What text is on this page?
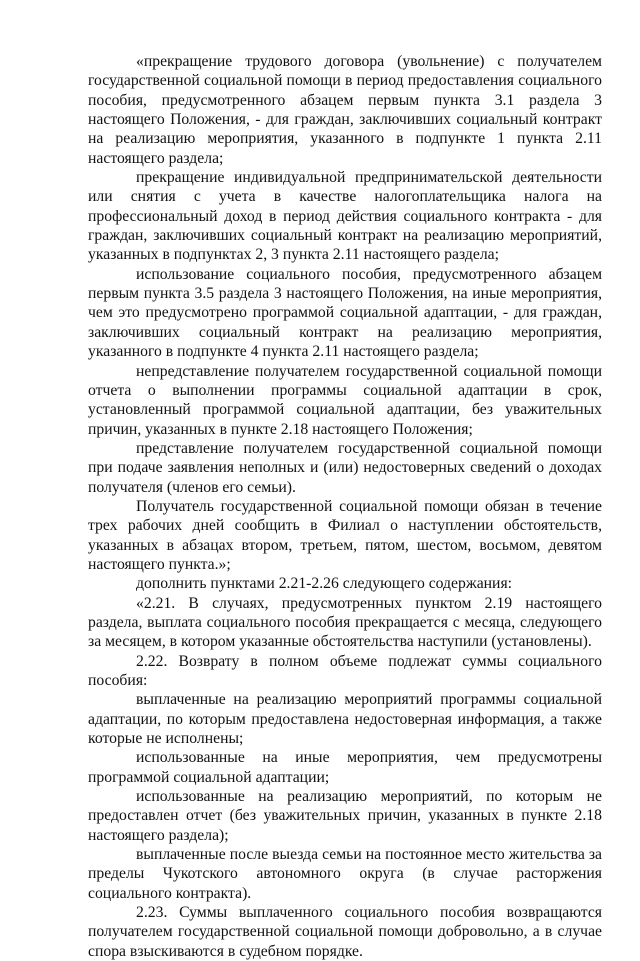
«прекращение трудового договора (увольнение) с получателем государственной социальной помощи в период предоставления социального пособия, предусмотренного абзацем первым пункта 3.1 раздела 3 настоящего Положения, - для граждан, заключивших социальный контракт на реализацию мероприятия, указанного в подпункте 1 пункта 2.11 настоящего раздела;

прекращение индивидуальной предпринимательской деятельности или снятия с учета в качестве налогоплательщика налога на профессиональный доход в период действия социального контракта - для граждан, заключивших социальный контракт на реализацию мероприятий, указанных в подпунктах 2, 3 пункта 2.11 настоящего раздела;

использование социального пособия, предусмотренного абзацем первым пункта 3.5 раздела 3 настоящего Положения, на иные мероприятия, чем это предусмотрено программой социальной адаптации, - для граждан, заключивших социальный контракт на реализацию мероприятия, указанного в подпункте 4 пункта 2.11 настоящего раздела;

непредставление получателем государственной социальной помощи отчета о выполнении программы социальной адаптации в срок, установленный программой социальной адаптации, без уважительных причин, указанных в пункте 2.18 настоящего Положения;

представление получателем государственной социальной помощи при подаче заявления неполных и (или) недостоверных сведений о доходах получателя (членов его семьи).

Получатель государственной социальной помощи обязан в течение трех рабочих дней сообщить в Филиал о наступлении обстоятельств, указанных в абзацах втором, третьем, пятом, шестом, восьмом, девятом настоящего пункта.»;

дополнить пунктами 2.21-2.26 следующего содержания:

«2.21. В случаях, предусмотренных пунктом 2.19 настоящего раздела, выплата социального пособия прекращается с месяца, следующего за месяцем, в котором указанные обстоятельства наступили (установлены).

2.22. Возврату в полном объеме подлежат суммы социального пособия:

выплаченные на реализацию мероприятий программы социальной адаптации, по которым предоставлена недостоверная информация, а также которые не исполнены;

использованные на иные мероприятия, чем предусмотрены программой социальной адаптации;

использованные на реализацию мероприятий, по которым не предоставлен отчет (без уважительных причин, указанных в пункте 2.18 настоящего раздела);

выплаченные после выезда семьи на постоянное место жительства за пределы Чукотского автономного округа (в случае расторжения социального контракта).

2.23. Суммы выплаченного социального пособия возвращаются получателем государственной социальной помощи добровольно, а в случае спора взыскиваются в судебном порядке.
